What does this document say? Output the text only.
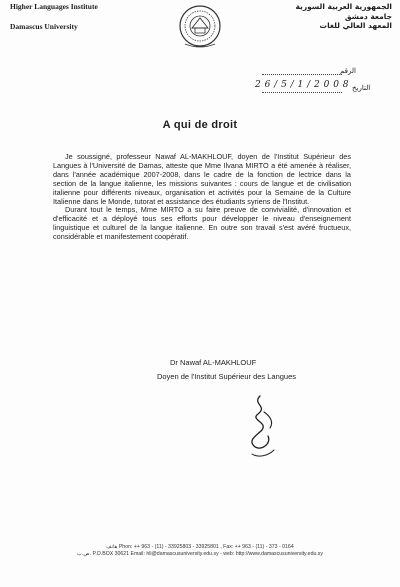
Higher Languages Institute
Damascus University
الجمهورية العربية السورية
جامعة دمشق
المعهد العالي للغات
الرقم
2 6 / 5 / 1 / 2 0 0 8 التاريخ
A qui de droit

Je soussigné, professeur Nawaf AL-MAKHLOUF, doyen de l'Institut Supérieur des Langues à l'Université de Damas, atteste que Mme Ilvana MIRTO a été amenée à réaliser, dans l'année académique 2007-2008, dans le cadre de la fonction de lectrice dans la section de la langue italienne, les missions suivantes : cours de langue et de civilisation italienne pour différents niveaux, organisation et activités pour la Semaine de la Culture Italienne dans le Monde, tutorat et assistance des étudiants syriens de l'Institut.

Durant tout le temps, Mme MIRTO a su faire preuve de convivialité, d'innovation et d'efficacité et a déployé tous ses efforts pour développer le niveau d'enseignement linguistique et culturel de la langue italienne. En outre son travail s'est avéré fructueux, considérable et manifestement coopératif.

Dr Nawaf AL-MAKHLOUF
Doyen de l'Institut Supérieur des Langues
هاتف Phon: ++ 963 - (11) - 33925803 - 33925801 , Fax: ++ 963 - (11) - 373 - 0164
ص.ب. P.O.BOX 30621 Email: hli@damascusuniversity.edu.sy - web: http://www.damascusuniversity.edu.sy
